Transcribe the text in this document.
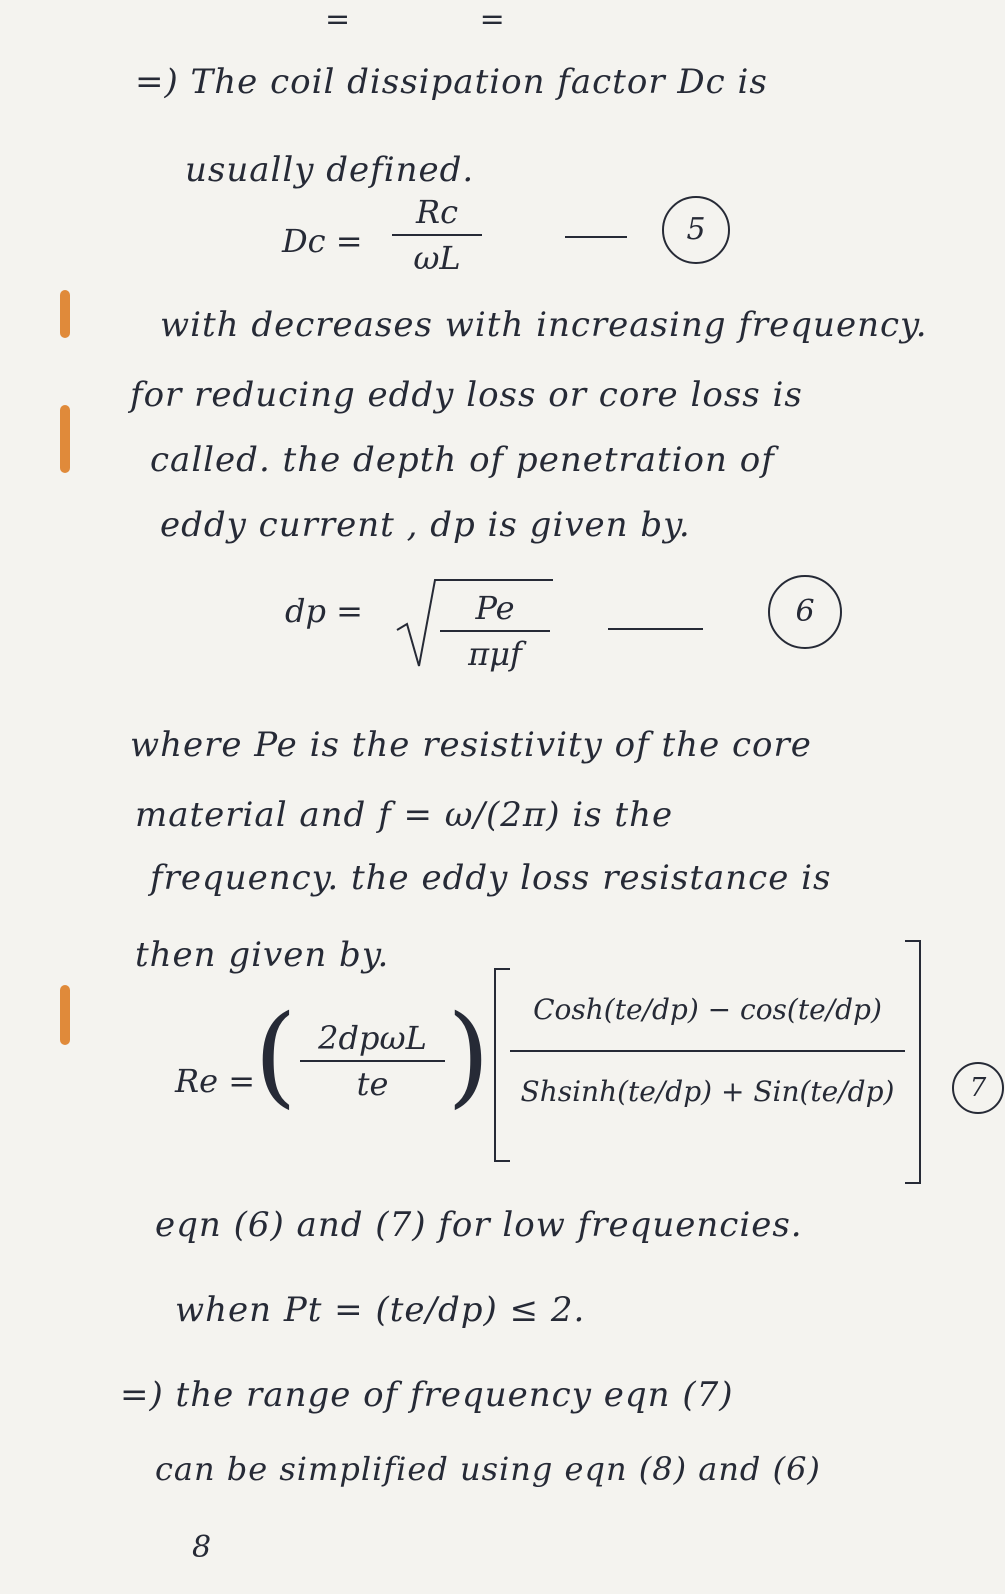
= =
=) The coil dissipation factor Dc is
usually defined.
Dc =
Rc
ωL
5
with decreases with increasing frequency.
for reducing eddy loss or core loss is
called. the depth of penetration of
eddy current , dp is given by.
dp =	Pe
πμf
6
where Pe is the resistivity of the core
material and f = ω/(2π) is the
frequency. the eddy loss resistance is
then given by.
Re =
( 2dpωL
te )	Cosh(te/dp) − cos(te/dp)
Shsinh(te/dp) + Sin(te/dp)	7
eqn (6) and (7) for low frequencies.
when Pt = (te/dp) ≤ 2.
=) the range of frequency eqn (7)
can be simplified using eqn (8) and (6)
8
